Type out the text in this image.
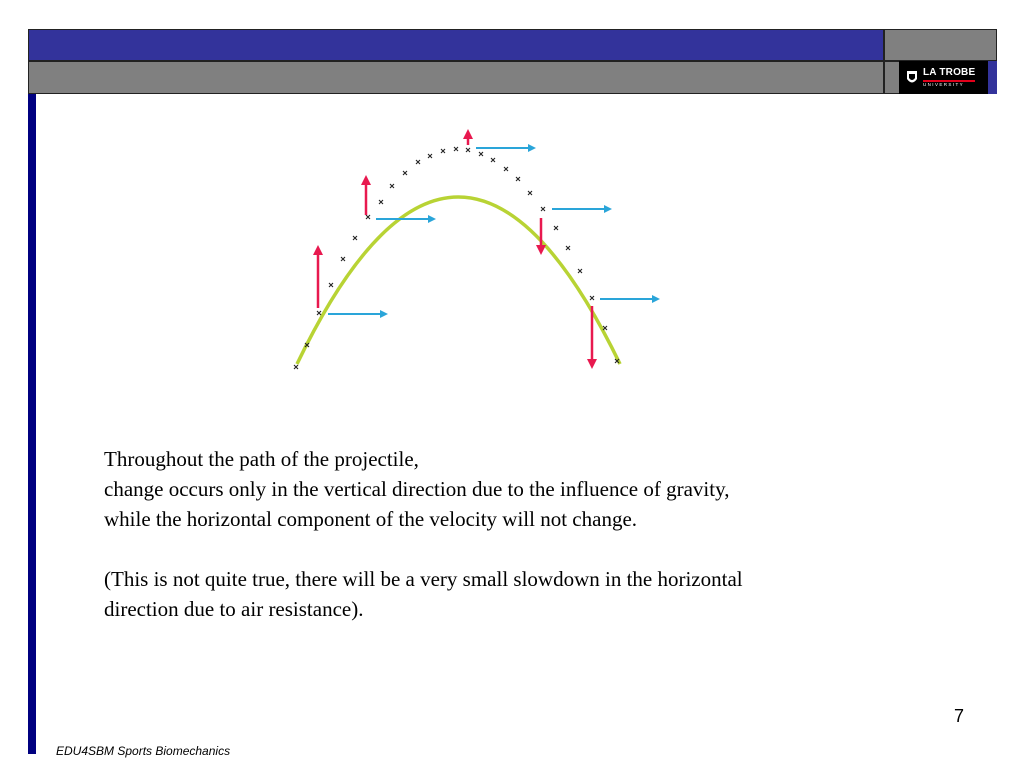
LA TROBE
UNIVERSITY

Throughout the path of the projectile,

change occurs only in the vertical direction due to the influence of gravity,

while the horizontal component of the velocity will not change.

(This is not quite true, there will be a very small slowdown in the horizontal

direction due to air resistance).

7
EDU4SBM Sports Biomechanics
